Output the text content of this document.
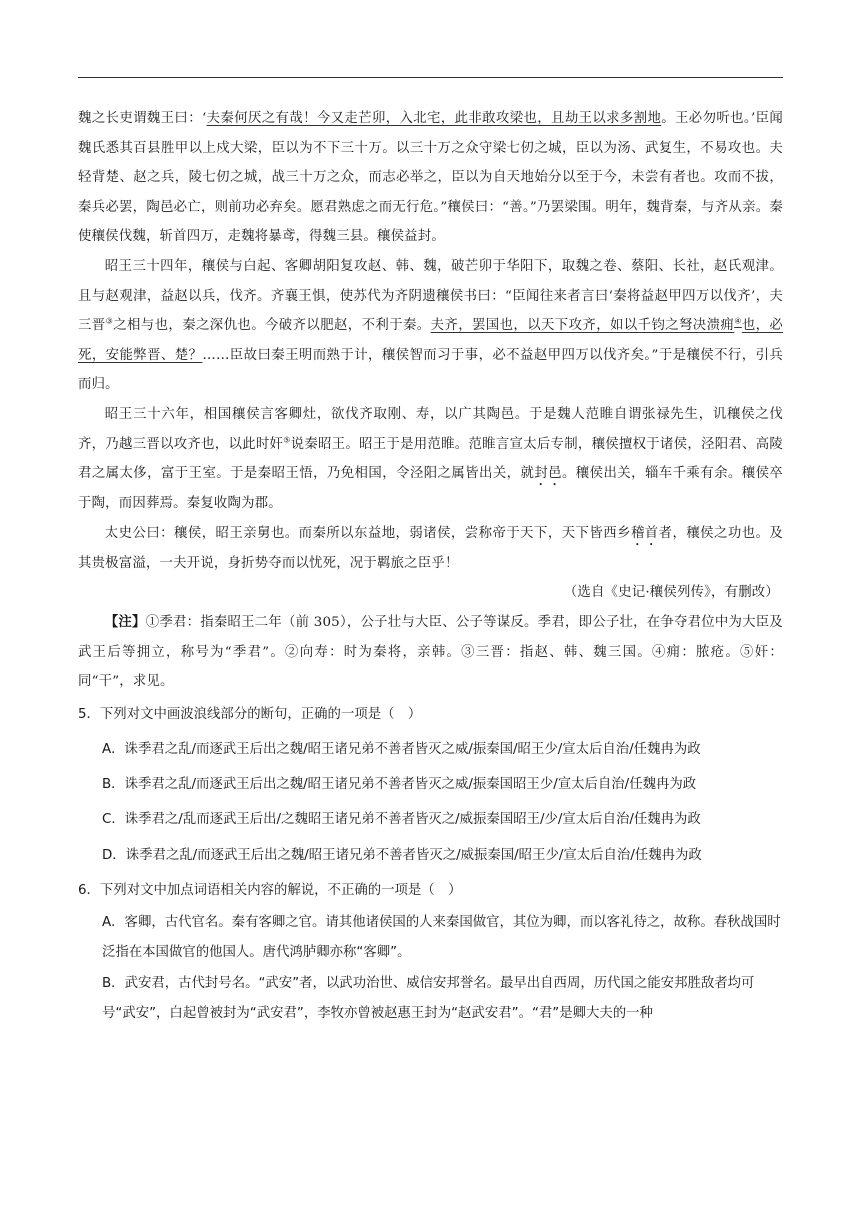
魏之长吏谓魏王曰：‘夫秦何厌之有哉！今又走芒卯，入北宅，此非敢攻梁也，且劫王以求多割地。王必勿听也。’臣闻魏氏悉其百县胜甲以上戍大梁，臣以为不下三十万。以三十万之众守梁七仞之城，臣以为汤、武复生，不易攻也。夫轻背楚、赵之兵，陵七仞之城，战三十万之众，而志必举之，臣以为自天地始分以至于今，未尝有者也。攻而不拔，秦兵必罢，陶邑必亡，则前功必弃矣。愿君熟虑之而无行危。”穰侯曰：“善。”乃罢梁围。明年，魏背秦，与齐从亲。秦使穰侯伐魏，斩首四万，走魏将暴鸢，得魏三县。穰侯益封。

昭王三十四年，穰侯与白起、客卿胡阳复攻赵、韩、魏，破芒卯于华阳下，取魏之卷、蔡阳、长社，赵氏观津。且与赵观津，益赵以兵，伐齐。齐襄王惧，使苏代为齐阴遗穰侯书曰：“臣闻往来者言曰‘秦将益赵甲四万以伐齐’，夫三晋③之相与也，秦之深仇也。今破齐以肥赵，不利于秦。夫齐，罢国也，以天下攻齐，如以千钧之弩决溃痈④也，必死，安能弊晋、楚？……臣故曰秦王明而熟于计，穰侯智而习于事，必不益赵甲四万以伐齐矣。”于是穰侯不行，引兵而归。

昭王三十六年，相国穰侯言客卿灶，欲伐齐取刚、寿，以广其陶邑。于是魏人范睢自谓张禄先生，讥穰侯之伐齐，乃越三晋以攻齐也，以此时奸⑤说秦昭王。昭王于是用范睢。范睢言宣太后专制，穰侯擅权于诸侯，泾阳君、高陵君之属太侈，富于王室。于是秦昭王悟，乃免相国，令泾阳之属皆出关，就封邑。穰侯出关，辎车千乘有余。穰侯卒于陶，而因葬焉。秦复收陶为郡。

太史公曰：穰侯，昭王亲舅也。而秦所以东益地，弱诸侯，尝称帝于天下，天下皆西乡稽首者，穰侯之功也。及其贵极富溢，一夫开说，身折势夺而以忧死，况于羁旅之臣乎！

（选自《史记·穰侯列传》，有删改）

【注】①季君：指秦昭王二年（前 305），公子壮与大臣、公子等谋反。季君，即公子壮，在争夺君位中为大臣及武王后等拥立，称号为“季君”。②向寿：时为秦将，亲韩。③三晋：指赵、韩、魏三国。④痈：脓疮。⑤奸：同“干”，求见。

5．下列对文中画波浪线部分的断句，正确的一项是（　）

A．诛季君之乱/而逐武王后出之魏/昭王诸兄弟不善者皆灭之威/振秦国/昭王少/宣太后自治/任魏冉为政

B．诛季君之乱/而逐武王后出之魏/昭王诸兄弟不善者皆灭之威/振秦国昭王少/宣太后自治/任魏冉为政

C．诛季君之/乱而逐武王后出/之魏昭王诸兄弟不善者皆灭之/威振秦国昭王/少/宣太后自治/任魏冉为政

D．诛季君之乱/而逐武王后出之魏/昭王诸兄弟不善者皆灭之/威振秦国/昭王少/宣太后自治/任魏冉为政

6．下列对文中加点词语相关内容的解说，不正确的一项是（　）

A．客卿，古代官名。秦有客卿之官。请其他诸侯国的人来秦国做官，其位为卿，而以客礼待之，故称。春秋战国时泛指在本国做官的他国人。唐代鸿胪卿亦称“客卿”。

B．武安君，古代封号名。“武安”者，以武功治世、威信安邦誉名。最早出自西周，历代国之能安邦胜敌者均可号“武安”，白起曾被封为“武安君”，李牧亦曾被赵惠王封为“赵武安君”。“君”是卿大夫的一种
